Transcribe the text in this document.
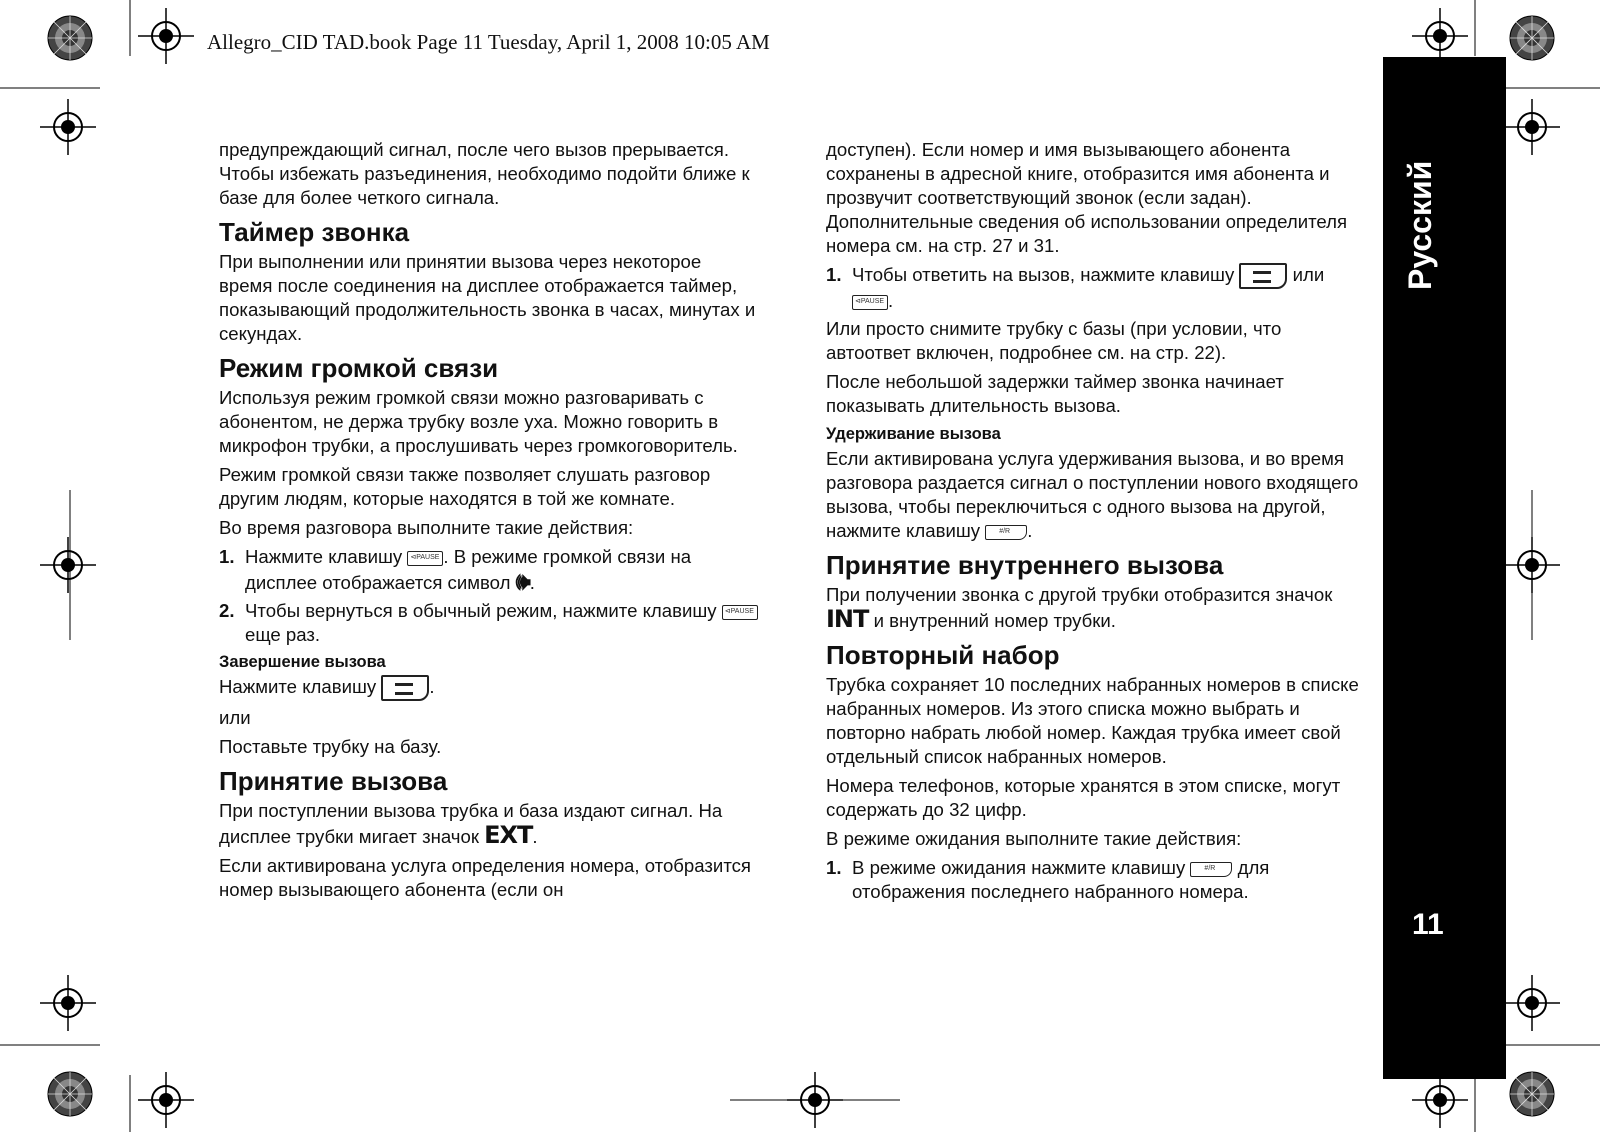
Allegro_CID TAD.book Page 11 Tuesday, April 1, 2008 10:05 AM
Русский
11

предупреждающий сигнал, после чего вызов прерывается. Чтобы избежать разъединения, необходимо подойти ближе к базе для более четкого сигнала.

Таймер звонка

При выполнении или принятии вызова через некоторое время после соединения на дисплее отображается таймер, показывающий продолжительность звонка в часах, минутах и секундах.

Режим громкой связи

Используя режим громкой связи можно разговаривать с абонентом, не держа трубку возле уха. Можно говорить в микрофон трубки, а прослушивать через громкоговоритель.

Режим громкой связи также позволяет слушать разговор другим людям, которые находятся в той же комнате.

Во время разговора выполните такие действия:

1. Нажмите клавишу ⊲PAUSE . В режиме громкой связи на дисплее отображается символ 🕪.
2. Чтобы вернуться в обычный режим, нажмите клавишу ⊲PAUSE еще раз.
Завершение вызова

Нажмите клавишу	.

или

Поставьте трубку на базу.

Принятие вызова

При поступлении вызова трубка и база издают сигнал. На дисплее трубки мигает значок EXT.

Если активирована услуга определения номера, отобразится номер вызывающего абонента (если он

доступен). Если номер и имя вызывающего абонента сохранены в адресной книге, отобразится имя абонента и прозвучит соответствующий звонок (если задан). Дополнительные сведения об использовании определителя номера см. на стр. 27 и 31.

1. Чтобы ответить на вызов, нажмите клавишу	или
⊲PAUSE.

Или просто снимите трубку с базы (при условии, что автоответ включен, подробнее см. на стр. 22).

После небольшой задержки таймер звонка начинает показывать длительность вызова.

Удерживание вызова

Если активирована услуга удерживания вызова, и во время разговора раздается сигнал о поступлении нового входящего вызова, чтобы переключиться с одного вызова на другой, нажмите клавишу #/R	.

Принятие внутреннего вызова

При получении звонка с другой трубки отобразится значок
INT и внутренний номер трубки.

Повторный набор

Трубка сохраняет 10 последних набранных номеров в списке набранных номеров. Из этого списка можно выбрать и повторно набрать любой номер. Каждая трубка имеет свой отдельный список набранных номеров.

Номера телефонов, которые хранятся в этом списке, могут содержать до 32 цифр.

В режиме ожидания выполните такие действия:

1. В режиме ожидания нажмите клавишу #/R	для отображения последнего набранного номера.
